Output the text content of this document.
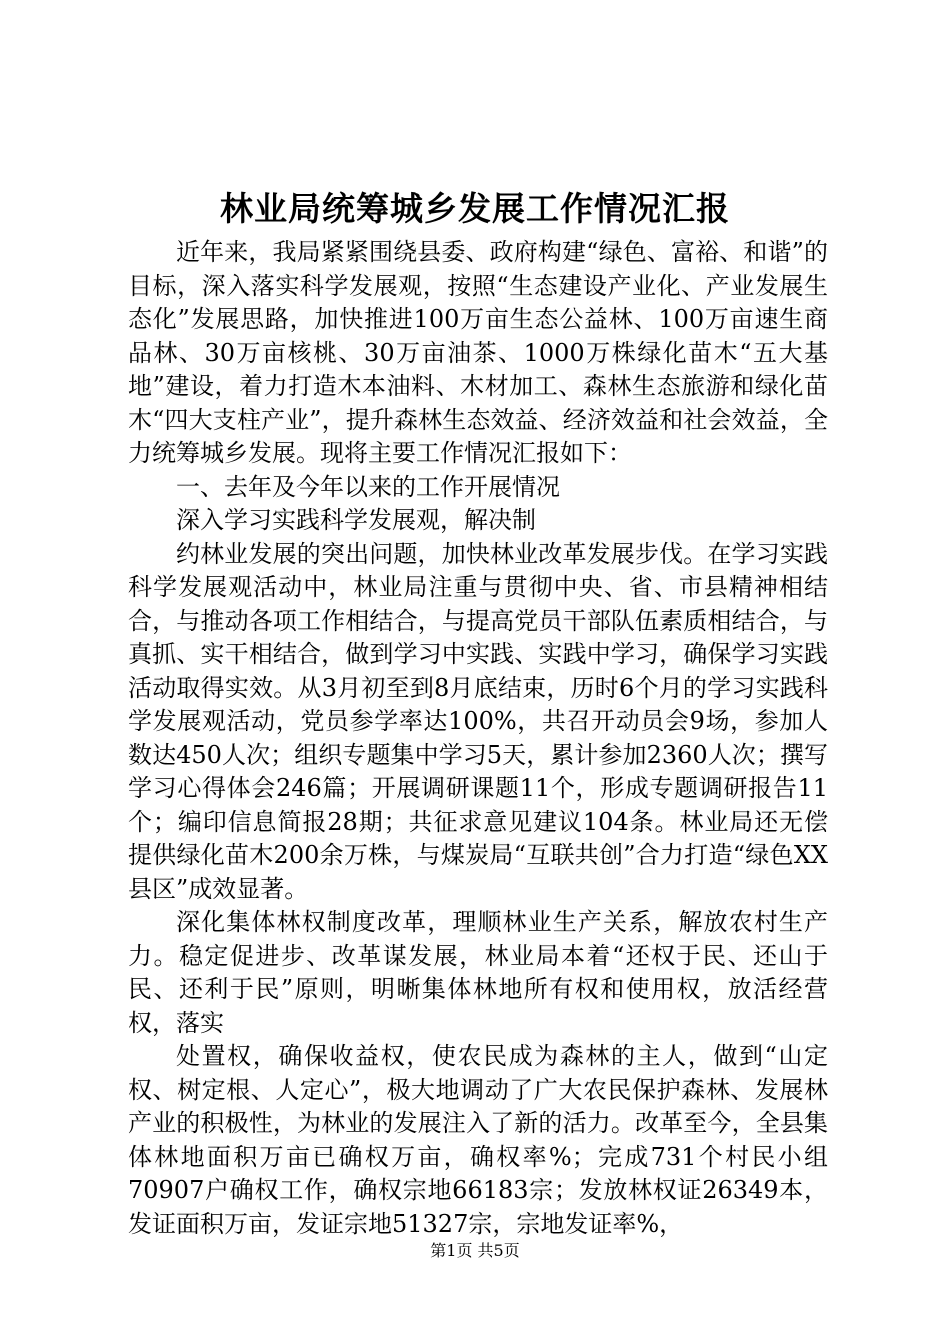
林业局统筹城乡发展工作情况汇报

近年来，我局紧紧围绕县委、政府构建“绿色、富裕、和谐”的目标，深入落实科学发展观，按照“生态建设产业化、产业发展生态化”发展思路，加快推进100万亩生态公益林、100万亩速生商品林、30万亩核桃、30万亩油茶、1000万株绿化苗木“五大基地”建设，着力打造木本油料、木材加工、森林生态旅游和绿化苗木“四大支柱产业”，提升森林生态效益、经济效益和社会效益，全力统筹城乡发展。现将主要工作情况汇报如下：

一、去年及今年以来的工作开展情况

深入学习实践科学发展观，解决制

约林业发展的突出问题，加快林业改革发展步伐。在学习实践科学发展观活动中，林业局注重与贯彻中央、省、市县精神相结合，与推动各项工作相结合，与提高党员干部队伍素质相结合，与真抓、实干相结合，做到学习中实践、实践中学习，确保学习实践活动取得实效。从3月初至到8月底结束，历时6个月的学习实践科学发展观活动，党员参学率达100%，共召开动员会9场，参加人数达450人次；组织专题集中学习5天，累计参加2360人次；撰写学习心得体会246篇；开展调研课题11个，形成专题调研报告11个；编印信息简报28期；共征求意见建议104条。林业局还无偿提供绿化苗木200余万株，与煤炭局“互联共创”合力打造“绿色XX县区”成效显著。

深化集体林权制度改革，理顺林业生产关系，解放农村生产力。稳定促进步、改革谋发展，林业局本着“还权于民、还山于民、还利于民”原则，明晰集体林地所有权和使用权，放活经营权，落实

处置权，确保收益权，使农民成为森林的主人，做到“山定权、树定根、人定心”，极大地调动了广大农民保护森林、发展林产业的积极性，为林业的发展注入了新的活力。改革至今，全县集体林地面积万亩已确权万亩，确权率%；完成731个村民小组70907户确权工作，确权宗地66183宗；发放林权证26349本，发证面积万亩，发证宗地51327宗，宗地发证率%，

第1页 共5页
